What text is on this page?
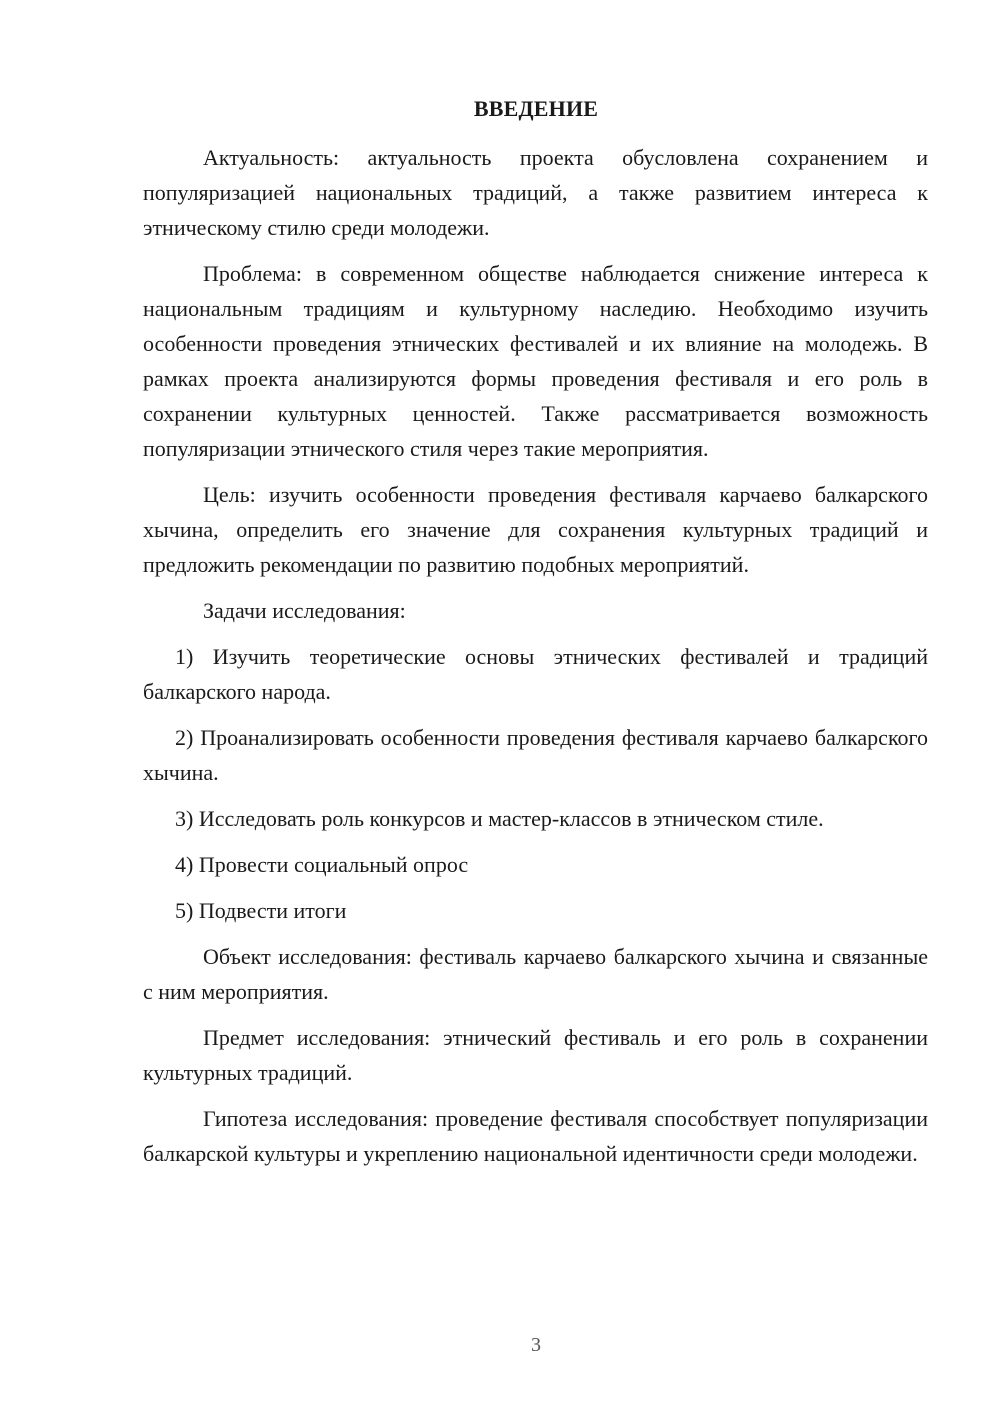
ВВЕДЕНИЕ

Актуальность: актуальность проекта обусловлена сохранением и популяризацией национальных традиций, а также развитием интереса к этническому стилю среди молодежи.

Проблема: в современном обществе наблюдается снижение интереса к национальным традициям и культурному наследию. Необходимо изучить особенности проведения этнических фестивалей и их влияние на молодежь. В рамках проекта анализируются формы проведения фестиваля и его роль в сохранении культурных ценностей. Также рассматривается возможность популяризации этнического стиля через такие мероприятия.

Цель: изучить особенности проведения фестиваля карчаево балкарского хычина, определить его значение для сохранения культурных традиций и предложить рекомендации по развитию подобных мероприятий.

Задачи исследования:

1) Изучить теоретические основы этнических фестивалей и традиций балкарского народа.

2) Проанализировать особенности проведения фестиваля карчаево балкарского хычина.

3) Исследовать роль конкурсов и мастер-классов в этническом стиле.

4) Провести социальный опрос

5) Подвести итоги

Объект исследования: фестиваль карчаево балкарского хычина и связанные с ним мероприятия.

Предмет исследования: этнический фестиваль и его роль в сохранении культурных традиций.

Гипотеза исследования: проведение фестиваля способствует популяризации балкарской культуры и укреплению национальной идентичности среди молодежи.

3
